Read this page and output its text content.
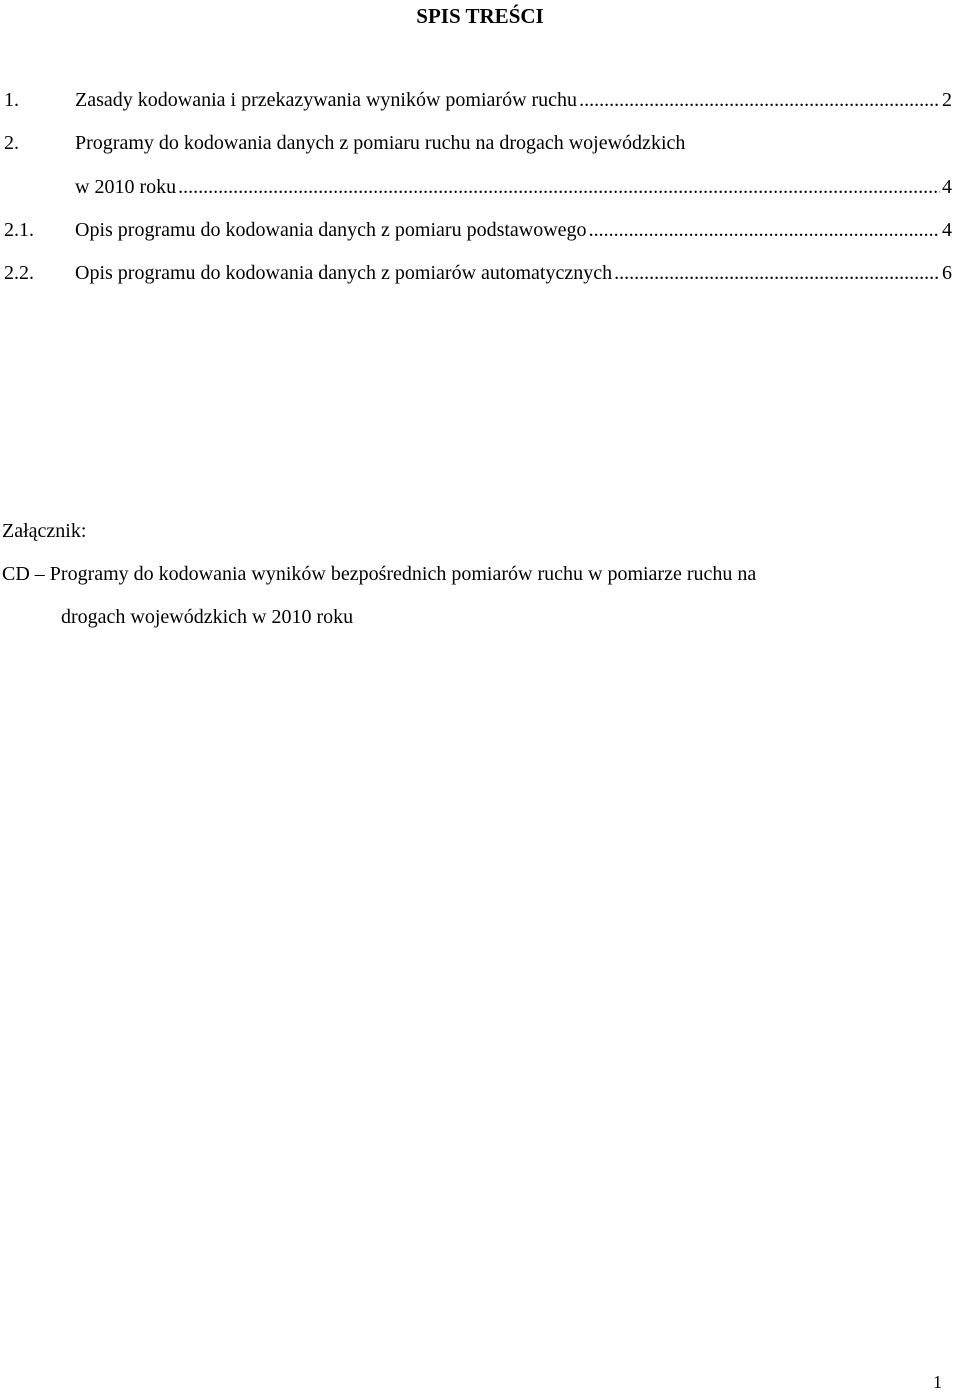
SPIS TREŚCI
1.	Zasady kodowania i przekazywania wyników pomiarów ruchu .....	2
2.	Programy do kodowania danych z pomiaru ruchu na drogach wojewódzkich
w 2010 roku .....	4
2.1. Opis programu do kodowania danych z pomiaru podstawowego .....	4
2.2. Opis programu do kodowania danych z pomiarów automatycznych .....	6
Załącznik:
CD – Programy do kodowania wyników bezpośrednich pomiarów ruchu w pomiarze ruchu na
drogach wojewódzkich w 2010 roku
1
